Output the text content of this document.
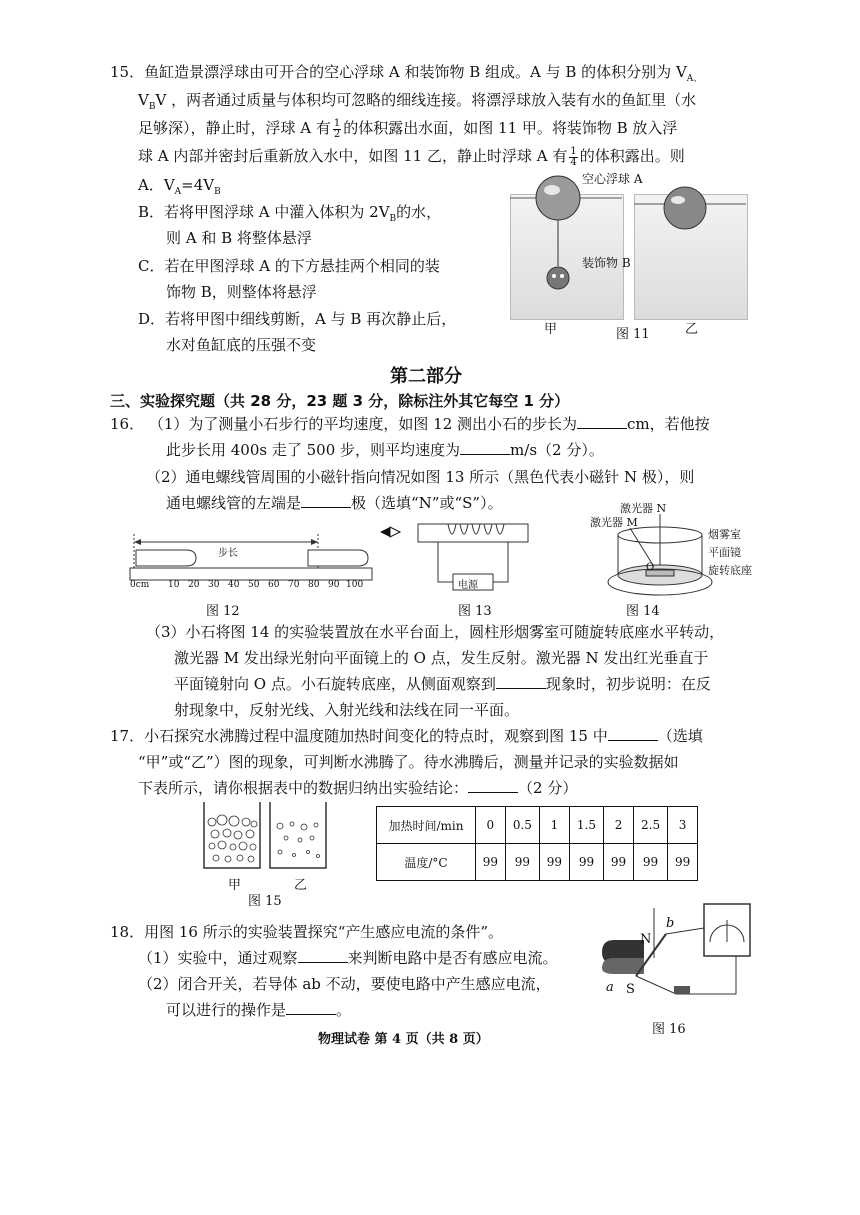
15．鱼缸造景漂浮球由可开合的空心浮球 A 和装饰物 B 组成。A 与 B 的体积分别为 $V_{A、}$
$V_BV$ ，两者通过质量与体积均可忽略的细线连接。将漂浮球放入装有水的鱼缸里（水
足够深），静止时，浮球 A 有 $\frac{1}{2}$ 的体积露出水面，如图 11 甲。将装饰物 B 放入浮
球 A 内部并密封后重新放入水中，如图 11 乙，静止时浮球 A 有 $\frac{1}{4}$ 的体积露出。则
A．$V_A=4V_B$
B．若将甲图浮球 A 中灌入体积为 $2V_B$的水，
则 A 和 B 将整体悬浮
C．若在甲图浮球 A 的下方悬挂两个相同的装
饰物 B，则整体将悬浮
D．若将甲图中细线剪断，A 与 B 再次静止后，
水对鱼缸底的压强不变
空心浮球 A
装饰物 B
甲	图 11	乙
第二部分
三、实验探究题（共 28 分，23 题 3 分，除标注外其它每空 1 分）
16． （1）为了测量小石步行的平均速度，如图 12 测出小石的步长为	cm，若他按
此步长用 400s 走了 500 步，则平均速度为	m/s（2 分）。
（2）通电螺线管周围的小磁针指向情况如图 13 所示（黑色代表小磁针 N 极），则
通电螺线管的左端是	极（选填“N”或“S”）。
步长
0cm 10 20 30 40 50 60 70 80 90 100
图 12
电源
图 13
激光器 N
激光器 M
烟雾室
平面镜
旋转底座
O
图 14
（3）小石将图 14 的实验装置放在水平台面上，圆柱形烟雾室可随旋转底座水平转动，
激光器 M 发出绿光射向平面镜上的 O 点，发生反射。激光器 N 发出红光垂直于
平面镜射向 O 点。小石旋转底座，从侧面观察到	现象时，初步说明：在反
射现象中，反射光线、入射光线和法线在同一平面。
17．小石探究水沸腾过程中温度随加热时间变化的特点时，观察到图 15 中	（选填
“甲”或“乙”）图的现象，可判断水沸腾了。待水沸腾后，测量并记录的实验数据如
下表所示，请你根据表中的数据归纳出实验结论：	（2 分）
甲	乙
图 15
加热时间/min	0	0.5	1	1.5	2	2.5	3
温度/°C	99	99	99	99	99	99	99
18．用图 16 所示的实验装置探究“产生感应电流的条件”。
（1）实验中，通过观察	来判断电路中是否有感应电流。
（2）闭合开关，若导体 ab 不动，要使电路中产生感应电流，
可以进行的操作是	。
N
b
a S
图 16
物理试卷 第 4 页（共 8 页）
